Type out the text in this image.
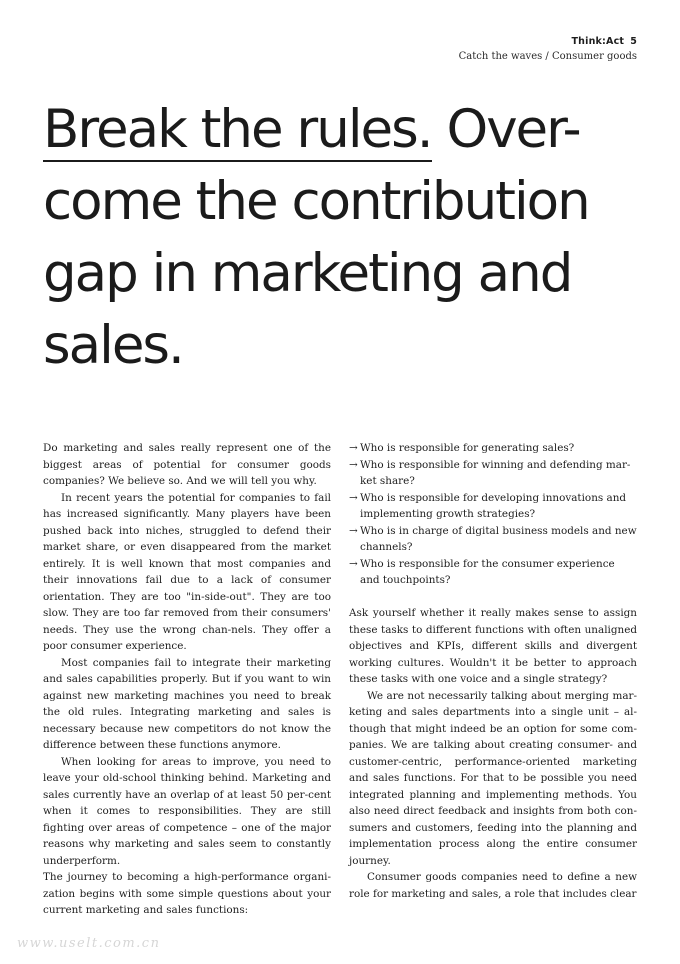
Think:Act 5
Catch the waves / Consumer goods
Break the rules. Over-come the contribution gap in marketing and sales.

Do marketing and sales really represent one of the biggest areas of potential for consumer goods companies? We believe so. And we will tell you why.

In recent years the potential for companies to fail has increased significantly. Many players have been pushed back into niches, struggled to defend their market share, or even disappeared from the market entirely. It is well known that most companies and their innovations fail due to a lack of consumer orientation. They are too "in-side-out". They are too slow. They are too far removed from their consumers' needs. They use the wrong chan-nels. They offer a poor consumer experience.

Most companies fail to integrate their marketing and sales capabilities properly. But if you want to win against new marketing machines you need to break the old rules. Integrating marketing and sales is necessary because new competitors do not know the difference between these functions anymore.

When looking for areas to improve, you need to leave your old-school thinking behind. Marketing and sales currently have an overlap of at least 50 per-cent when it comes to responsibilities. They are still fighting over areas of competence – one of the major reasons why marketing and sales seem to constantly underperform.

The journey to becoming a high-performance organi-zation begins with some simple questions about your current marketing and sales functions:

→ Who is responsible for generating sales?
→ Who is responsible for winning and defending mar-ket share?
→ Who is responsible for developing innovations and implementing growth strategies?
→ Who is in charge of digital business models and new channels?
→ Who is responsible for the consumer experience and touchpoints?

Ask yourself whether it really makes sense to assign these tasks to different functions with often unaligned objectives and KPIs, different skills and divergent working cultures. Wouldn't it be better to approach these tasks with one voice and a single strategy?

We are not necessarily talking about merging mar-keting and sales departments into a single unit – al-though that might indeed be an option for some com-panies. We are talking about creating consumer- and customer-centric, performance-oriented marketing and sales functions. For that to be possible you need integrated planning and implementing methods. You also need direct feedback and insights from both con-sumers and customers, feeding into the planning and implementation process along the entire consumer journey.

Consumer goods companies need to define a new role for marketing and sales, a role that includes clear

www.uselt.com.cn
